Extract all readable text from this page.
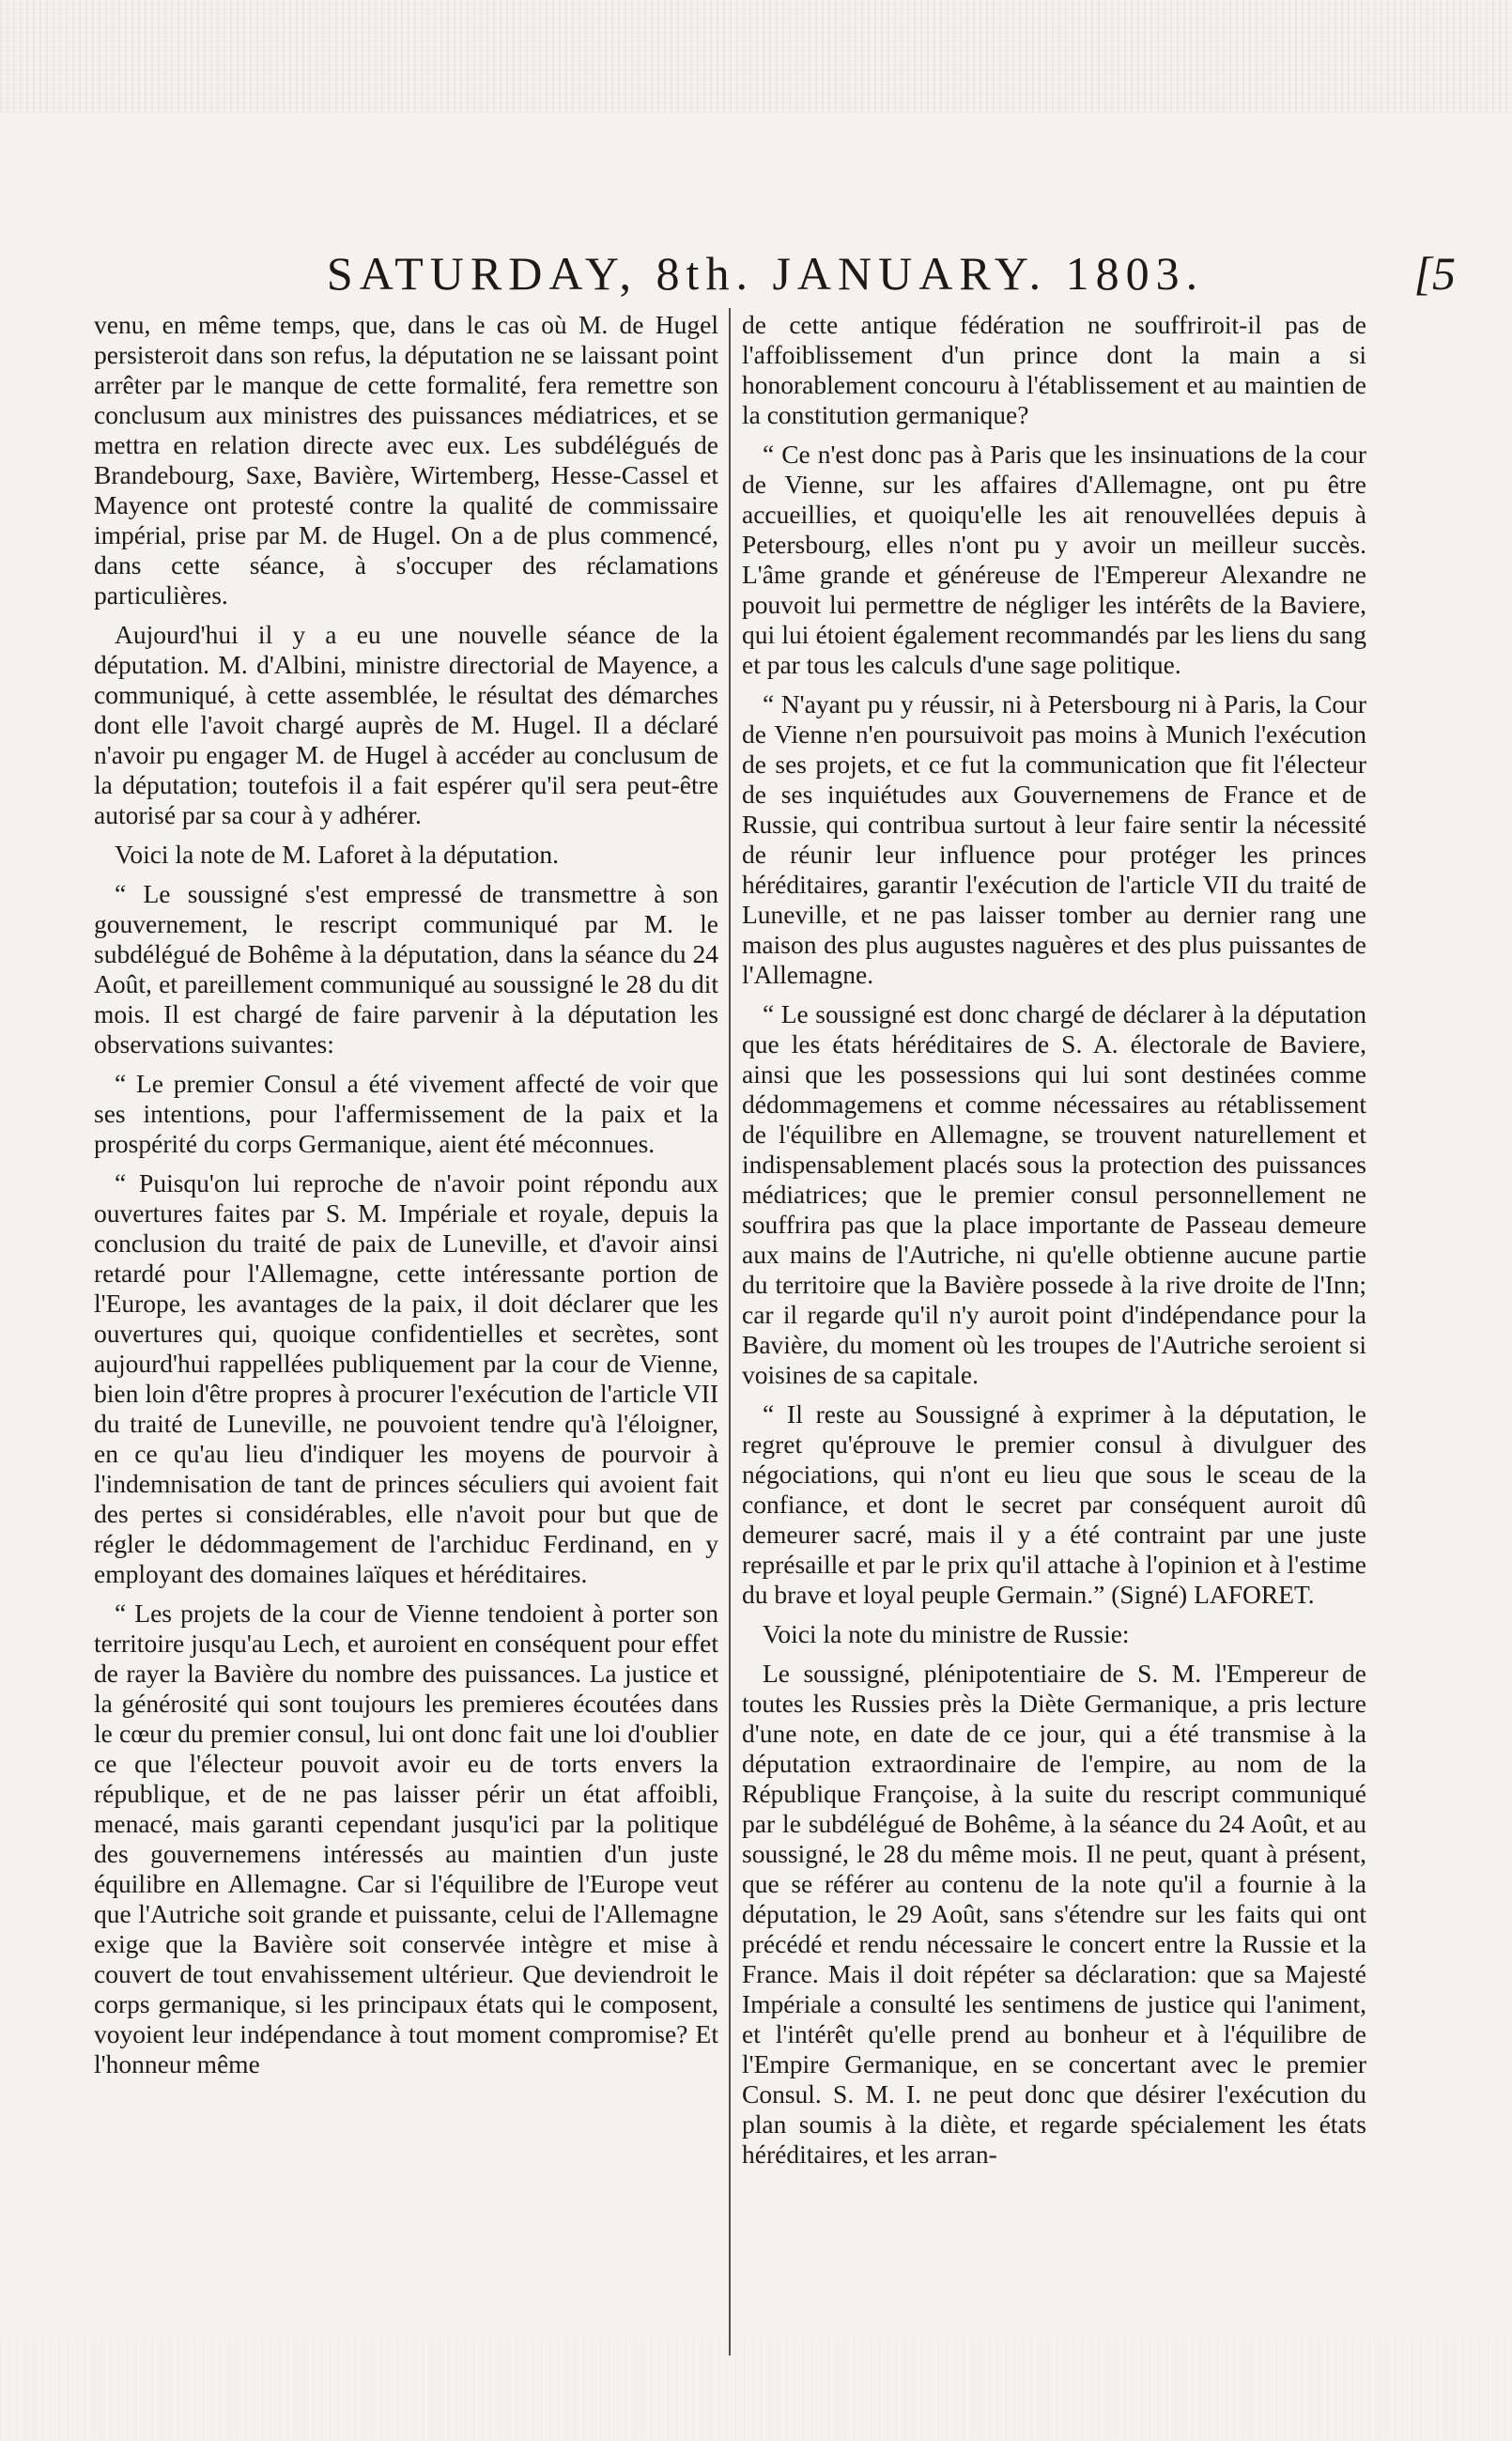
SATURDAY, 8th. JANUARY. 1803.	[5

venu, en même temps, que, dans le cas où M. de Hugel persisteroit dans son refus, la députation ne se laissant point arrêter par le manque de cette formalité, fera remettre son conclusum aux ministres des puissances médiatrices, et se mettra en relation directe avec eux. Les subdélégués de Brandebourg, Saxe, Bavière, Wirtemberg, Hesse-Cassel et Mayence ont protesté contre la qualité de commissaire impérial, prise par M. de Hugel. On a de plus commencé, dans cette séance, à s'occuper des réclamations particulières.

Aujourd'hui il y a eu une nouvelle séance de la députation. M. d'Albini, ministre directorial de Mayence, a communiqué, à cette assemblée, le résultat des démarches dont elle l'avoit chargé auprès de M. Hugel. Il a déclaré n'avoir pu engager M. de Hugel à accéder au conclusum de la députation; toutefois il a fait espérer qu'il sera peut-être autorisé par sa cour à y adhérer.

Voici la note de M. Laforet à la députation.

“ Le soussigné s'est empressé de transmettre à son gouvernement, le rescript communiqué par M. le subdélégué de Bohême à la députation, dans la séance du 24 Août, et pareillement communiqué au soussigné le 28 du dit mois. Il est chargé de faire parvenir à la députation les observations suivantes:

“ Le premier Consul a été vivement affecté de voir que ses intentions, pour l'affermissement de la paix et la prospérité du corps Germanique, aient été méconnues.

“ Puisqu'on lui reproche de n'avoir point répondu aux ouvertures faites par S. M. Impériale et royale, depuis la conclusion du traité de paix de Luneville, et d'avoir ainsi retardé pour l'Allemagne, cette intéressante portion de l'Europe, les avantages de la paix, il doit déclarer que les ouvertures qui, quoique confidentielles et secrètes, sont aujourd'hui rappellées publiquement par la cour de Vienne, bien loin d'être propres à procurer l'exécution de l'article VII du traité de Luneville, ne pouvoient tendre qu'à l'éloigner, en ce qu'au lieu d'indiquer les moyens de pourvoir à l'indemnisation de tant de princes séculiers qui avoient fait des pertes si considérables, elle n'avoit pour but que de régler le dédommagement de l'archiduc Ferdinand, en y employant des domaines laïques et héréditaires.

“ Les projets de la cour de Vienne tendoient à porter son territoire jusqu'au Lech, et auroient en conséquent pour effet de rayer la Bavière du nombre des puissances. La justice et la générosité qui sont toujours les premieres écoutées dans le cœur du premier consul, lui ont donc fait une loi d'oublier ce que l'électeur pouvoit avoir eu de torts envers la république, et de ne pas laisser périr un état affoibli, menacé, mais garanti cependant jusqu'ici par la politique des gouvernemens intéressés au maintien d'un juste équilibre en Allemagne. Car si l'équilibre de l'Europe veut que l'Autriche soit grande et puissante, celui de l'Allemagne exige que la Bavière soit conservée intègre et mise à couvert de tout envahissement ultérieur. Que deviendroit le corps germanique, si les principaux états qui le composent, voyoient leur indépendance à tout moment compromise? Et l'honneur même

de cette antique fédération ne souffriroit-il pas de l'affoiblissement d'un prince dont la main a si honorablement concouru à l'établissement et au maintien de la constitution germanique?

“ Ce n'est donc pas à Paris que les insinuations de la cour de Vienne, sur les affaires d'Allemagne, ont pu être accueillies, et quoiqu'elle les ait renouvellées depuis à Petersbourg, elles n'ont pu y avoir un meilleur succès. L'âme grande et généreuse de l'Empereur Alexandre ne pouvoit lui permettre de négliger les intérêts de la Baviere, qui lui étoient également recommandés par les liens du sang et par tous les calculs d'une sage politique.

“ N'ayant pu y réussir, ni à Petersbourg ni à Paris, la Cour de Vienne n'en poursuivoit pas moins à Munich l'exécution de ses projets, et ce fut la communication que fit l'électeur de ses inquiétudes aux Gouvernemens de France et de Russie, qui contribua surtout à leur faire sentir la nécessité de réunir leur influence pour protéger les princes héréditaires, garantir l'exécution de l'article VII du traité de Luneville, et ne pas laisser tomber au dernier rang une maison des plus augustes naguères et des plus puissantes de l'Allemagne.

“ Le soussigné est donc chargé de déclarer à la députation que les états héréditaires de S. A. électorale de Baviere, ainsi que les possessions qui lui sont destinées comme dédommagemens et comme nécessaires au rétablissement de l'équilibre en Allemagne, se trouvent naturellement et indispensablement placés sous la protection des puissances médiatrices; que le premier consul personnellement ne souffrira pas que la place importante de Passeau demeure aux mains de l'Autriche, ni qu'elle obtienne aucune partie du territoire que la Bavière possede à la rive droite de l'Inn; car il regarde qu'il n'y auroit point d'indépendance pour la Bavière, du moment où les troupes de l'Autriche seroient si voisines de sa capitale.

“ Il reste au Soussigné à exprimer à la députation, le regret qu'éprouve le premier consul à divulguer des négociations, qui n'ont eu lieu que sous le sceau de la confiance, et dont le secret par conséquent auroit dû demeurer sacré, mais il y a été contraint par une juste représaille et par le prix qu'il attache à l'opinion et à l'estime du brave et loyal peuple Germain.” (Signé) LAFORET.

Voici la note du ministre de Russie:

Le soussigné, plénipotentiaire de S. M. l'Empereur de toutes les Russies près la Diète Germanique, a pris lecture d'une note, en date de ce jour, qui a été transmise à la députation extraordinaire de l'empire, au nom de la République Françoise, à la suite du rescript communiqué par le subdélégué de Bohême, à la séance du 24 Août, et au soussigné, le 28 du même mois. Il ne peut, quant à présent, que se référer au contenu de la note qu'il a fournie à la députation, le 29 Août, sans s'étendre sur les faits qui ont précédé et rendu nécessaire le concert entre la Russie et la France. Mais il doit répéter sa déclaration: que sa Majesté Impériale a consulté les sentimens de justice qui l'animent, et l'intérêt qu'elle prend au bonheur et à l'équilibre de l'Empire Germanique, en se concertant avec le premier Consul. S. M. I. ne peut donc que désirer l'exécution du plan soumis à la diète, et regarde spécialement les états héréditaires, et les arran-
